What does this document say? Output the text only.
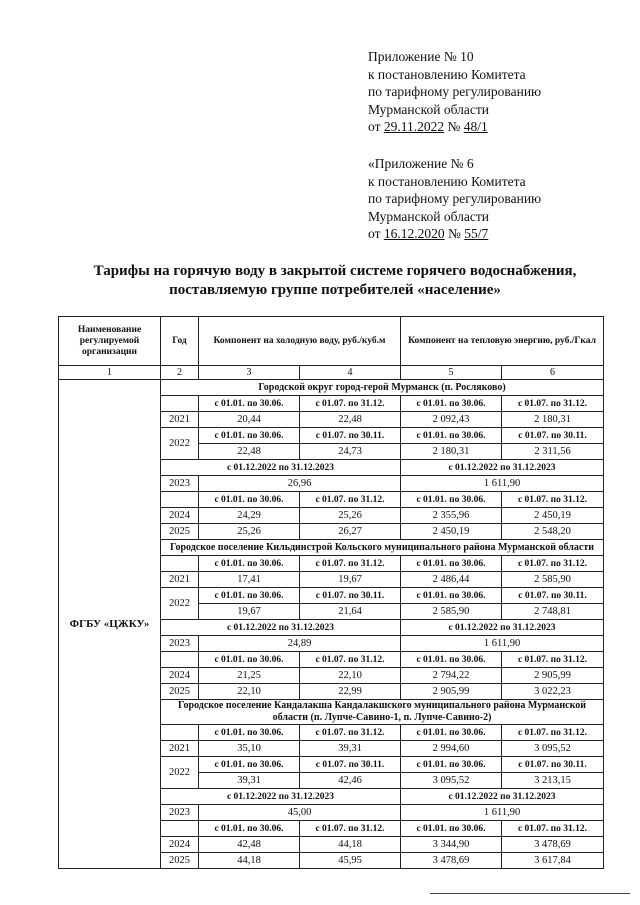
Приложение № 10
к постановлению Комитета
по тарифному регулированию
Мурманской области
от 29.11.2022 № 48/1
«Приложение № 6
к постановлению Комитета
по тарифному регулированию
Мурманской области
от 16.12.2020 № 55/7
Тарифы на горячую воду в закрытой системе горячего водоснабжения,
поставляемую группе потребителей «население»
Наименование регулируемой организации	Год	Компонент на холодную воду, руб./куб.м		Компонент на тепловую энергию, руб./Гкал	
1	2	3	4	5	6
ФГБУ «ЦЖКУ»	Городской округ город-герой Мурманск (п. Росляково)				
		с 01.01. по 30.06.	с 01.07. по 31.12.	с 01.01. по 30.06.	с 01.07. по 31.12.
	2021	20,44	22,48	2 092,43	2 180,31
	2022	с 01.01. по 30.06.	с 01.07. по 30.11.	с 01.01. по 30.06.	с 01.07. по 30.11.
		22,48	24,73	2 180,31	2 311,56
	с 01.12.2022 по 31.12.2023			с 01.12.2022 по 31.12.2023	
	2023	26,96		1 611,90	
		с 01.01. по 30.06.	с 01.07. по 31.12.	с 01.01. по 30.06.	с 01.07. по 31.12.
	2024	24,29	25,26	2 355,96	2 450,19
	2025	25,26	26,27	2 450,19	2 548,20
	Городское поселение Кильдинстрой Кольского муниципального района Мурманской области				
		с 01.01. по 30.06.	с 01.07. по 31.12.	с 01.01. по 30.06.	с 01.07. по 31.12.
	2021	17,41	19,67	2 486,44	2 585,90
	2022	с 01.01. по 30.06.	с 01.07. по 30.11.	с 01.01. по 30.06.	с 01.07. по 30.11.
		19,67	21,64	2 585,90	2 748,81
	с 01.12.2022 по 31.12.2023			с 01.12.2022 по 31.12.2023	
	2023	24,89		1 611,90	
		с 01.01. по 30.06.	с 01.07. по 31.12.	с 01.01. по 30.06.	с 01.07. по 31.12.
	2024	21,25	22,10	2 794,22	2 905,99
	2025	22,10	22,99	2 905,99	3 022,23
	Городское поселение Кандалакша Кандалакшского муниципального района Мурманской области (п. Лупче-Савино-1, п. Лупче-Савино-2)				
		с 01.01. по 30.06.	с 01.07. по 31.12.	с 01.01. по 30.06.	с 01.07. по 31.12.
	2021	35,10	39,31	2 994,60	3 095,52
	2022	с 01.01. по 30.06.	с 01.07. по 30.11.	с 01.01. по 30.06.	с 01.07. по 30.11.
		39,31	42,46	3 095,52	3 213,15
	с 01.12.2022 по 31.12.2023			с 01.12.2022 по 31.12.2023	
	2023	45,00		1 611,90	
		с 01.01. по 30.06.	с 01.07. по 31.12.	с 01.01. по 30.06.	с 01.07. по 31.12.
	2024	42,48	44,18	3 344,90	3 478,69
	2025	44,18	45,95	3 478,69	3 617,84
